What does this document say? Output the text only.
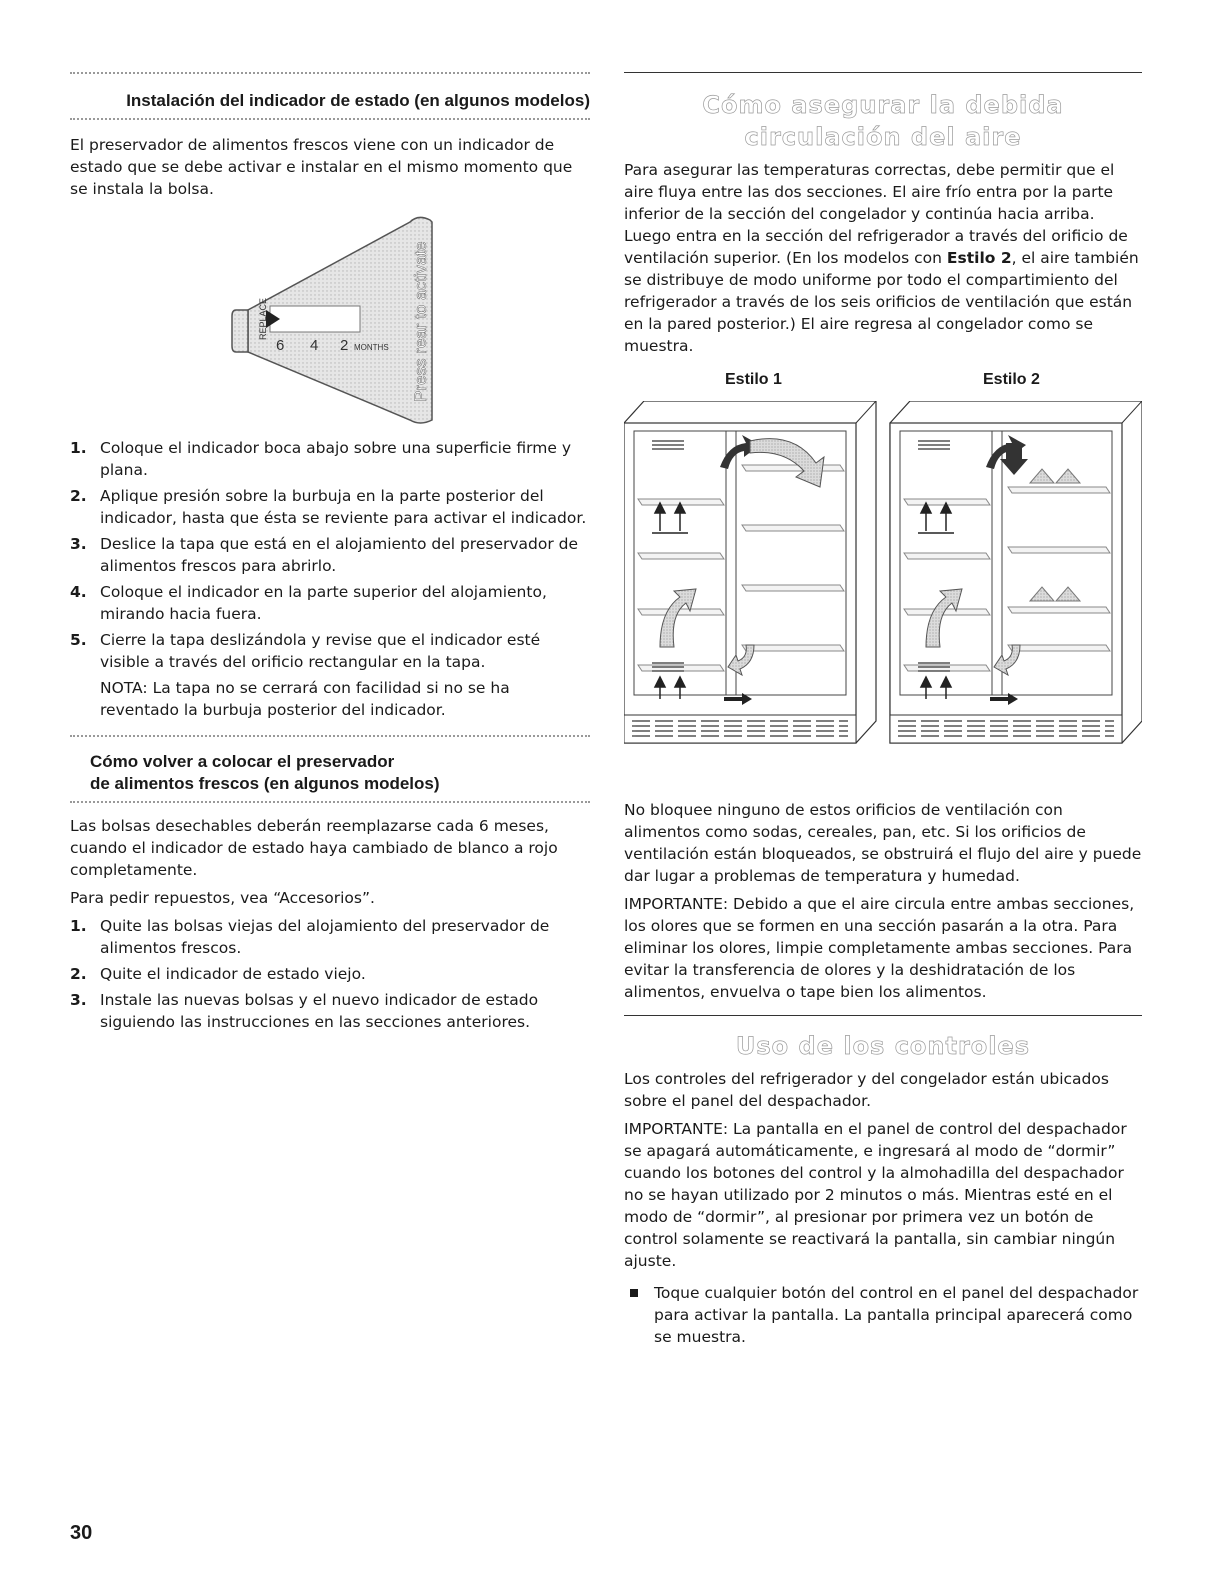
Instalación del indicador de estado (en algunos modelos)

El preservador de alimentos frescos viene con un indicador de estado que se debe activar e instalar en el mismo momento que se instala la bolsa.

REPLACE
6 4 2 MONTHS Press rear to activate
1. Coloque el indicador boca abajo sobre una superficie firme y plana.
2. Aplique presión sobre la burbuja en la parte posterior del indicador, hasta que ésta se reviente para activar el indicador.
3. Deslice la tapa que está en el alojamiento del preservador de alimentos frescos para abrirlo.
4. Coloque el indicador en la parte superior del alojamiento, mirando hacia fuera.
5. Cierre la tapa deslizándola y revise que el indicador esté visible a través del orificio rectangular en la tapa.

NOTA: La tapa no se cerrará con facilidad si no se ha reventado la burbuja posterior del indicador.

Cómo volver a colocar el preservador
de alimentos frescos (en algunos modelos)

Las bolsas desechables deberán reemplazarse cada 6 meses, cuando el indicador de estado haya cambiado de blanco a rojo completamente.

Para pedir repuestos, vea “Accesorios”.

1. Quite las bolsas viejas del alojamiento del preservador de alimentos frescos.
2. Quite el indicador de estado viejo.
3. Instale las nuevas bolsas y el nuevo indicador de estado siguiendo las instrucciones en las secciones anteriores.
Cómo asegurar la debida
circulación del aire

Para asegurar las temperaturas correctas, debe permitir que el aire fluya entre las dos secciones. El aire frío entra por la parte inferior de la sección del congelador y continúa hacia arriba. Luego entra en la sección del refrigerador a través del orificio de ventilación superior. (En los modelos con Estilo 2, el aire también se distribuye de modo uniforme por todo el compartimiento del refrigerador a través de los seis orificios de ventilación que están en la pared posterior.) El aire regresa al congelador como se muestra.

Estilo 1	Estilo 2

No bloquee ninguno de estos orificios de ventilación con alimentos como sodas, cereales, pan, etc. Si los orificios de ventilación están bloqueados, se obstruirá el flujo del aire y puede dar lugar a problemas de temperatura y humedad.

IMPORTANTE: Debido a que el aire circula entre ambas secciones, los olores que se formen en una sección pasarán a la otra. Para eliminar los olores, limpie completamente ambas secciones. Para evitar la transferencia de olores y la deshidratación de los alimentos, envuelva o tape bien los alimentos.

Uso de los controles

Los controles del refrigerador y del congelador están ubicados sobre el panel del despachador.

IMPORTANTE: La pantalla en el panel de control del despachador se apagará automáticamente, e ingresará al modo de “dormir” cuando los botones del control y la almohadilla del despachador no se hayan utilizado por 2 minutos o más. Mientras esté en el modo de “dormir”, al presionar por primera vez un botón de control solamente se reactivará la pantalla, sin cambiar ningún ajuste.

Toque cualquier botón del control en el panel del despachador para activar la pantalla. La pantalla principal aparecerá como se muestra.
30
